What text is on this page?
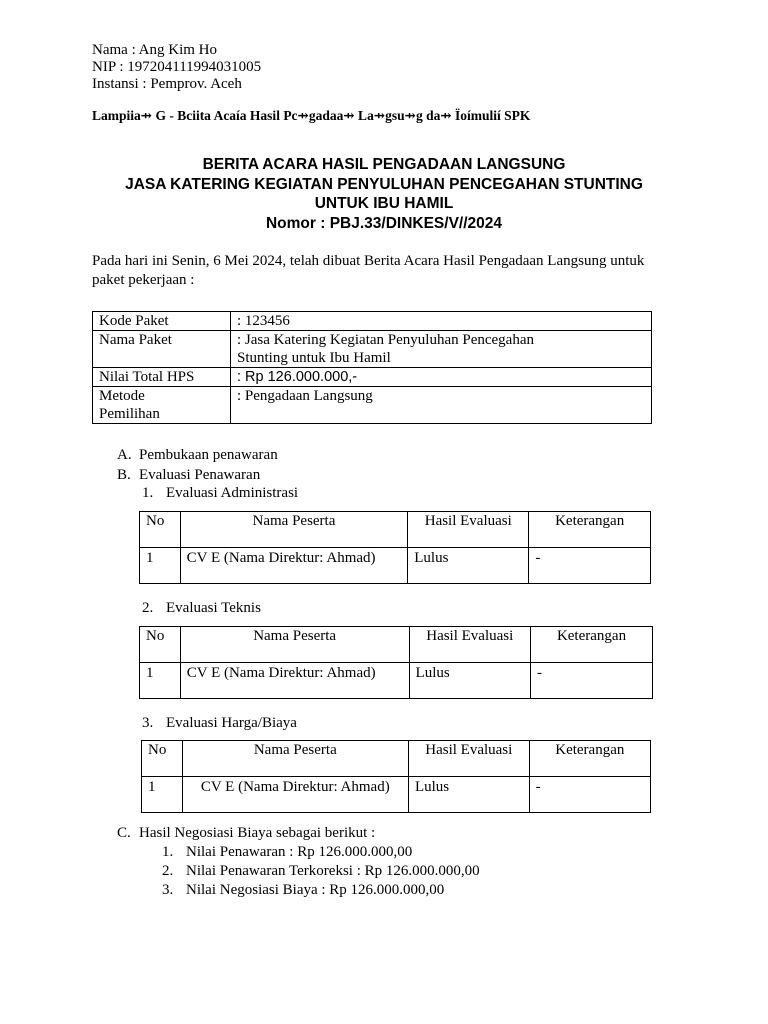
Nama : Ang Kim Ho
NIP : 197204111994031005
Instansi : Pemprov. Aceh
Lampiia⇸ G - Bciita Acaía Hasil Pc⇸gadaa⇸ La⇸gsu⇸g da⇸ Ïoímulií SPK
BERITA ACARA HASIL PENGADAAN LANGSUNG
JASA KATERING KEGIATAN PENYULUHAN PENCEGAHAN STUNTING
UNTUK IBU HAMIL
Nomor : PBJ.33/DINKES/V//2024
Pada hari ini Senin, 6 Mei 2024, telah dibuat Berita Acara Hasil Pengadaan Langsung untuk paket pekerjaan :
Kode Paket	: 123456
Nama Paket	: Jasa Katering Kegiatan Penyuluhan Pencegahan
Stunting untuk Ibu Hamil

Nilai Total HPS	: Rp 126.000.000,-

Metode
Pemilihan	: Pengadaan Langsung
A. Pembukaan penawaran
B. Evaluasi Penawaran
1. Evaluasi Administrasi
No	Nama Peserta	Hasil Evaluasi	Keterangan
1	CV E (Nama Direktur: Ahmad)	Lulus	-
2. Evaluasi Teknis
No	Nama Peserta	Hasil Evaluasi	Keterangan
1	CV E (Nama Direktur: Ahmad)	Lulus	-
3. Evaluasi Harga/Biaya
No	Nama Peserta	Hasil Evaluasi	Keterangan
1	CV E (Nama Direktur: Ahmad)	Lulus	-
C. Hasil Negosiasi Biaya sebagai berikut :
1. Nilai Penawaran : Rp 126.000.000,00
2. Nilai Penawaran Terkoreksi : Rp 126.000.000,00
3. Nilai Negosiasi Biaya : Rp 126.000.000,00
